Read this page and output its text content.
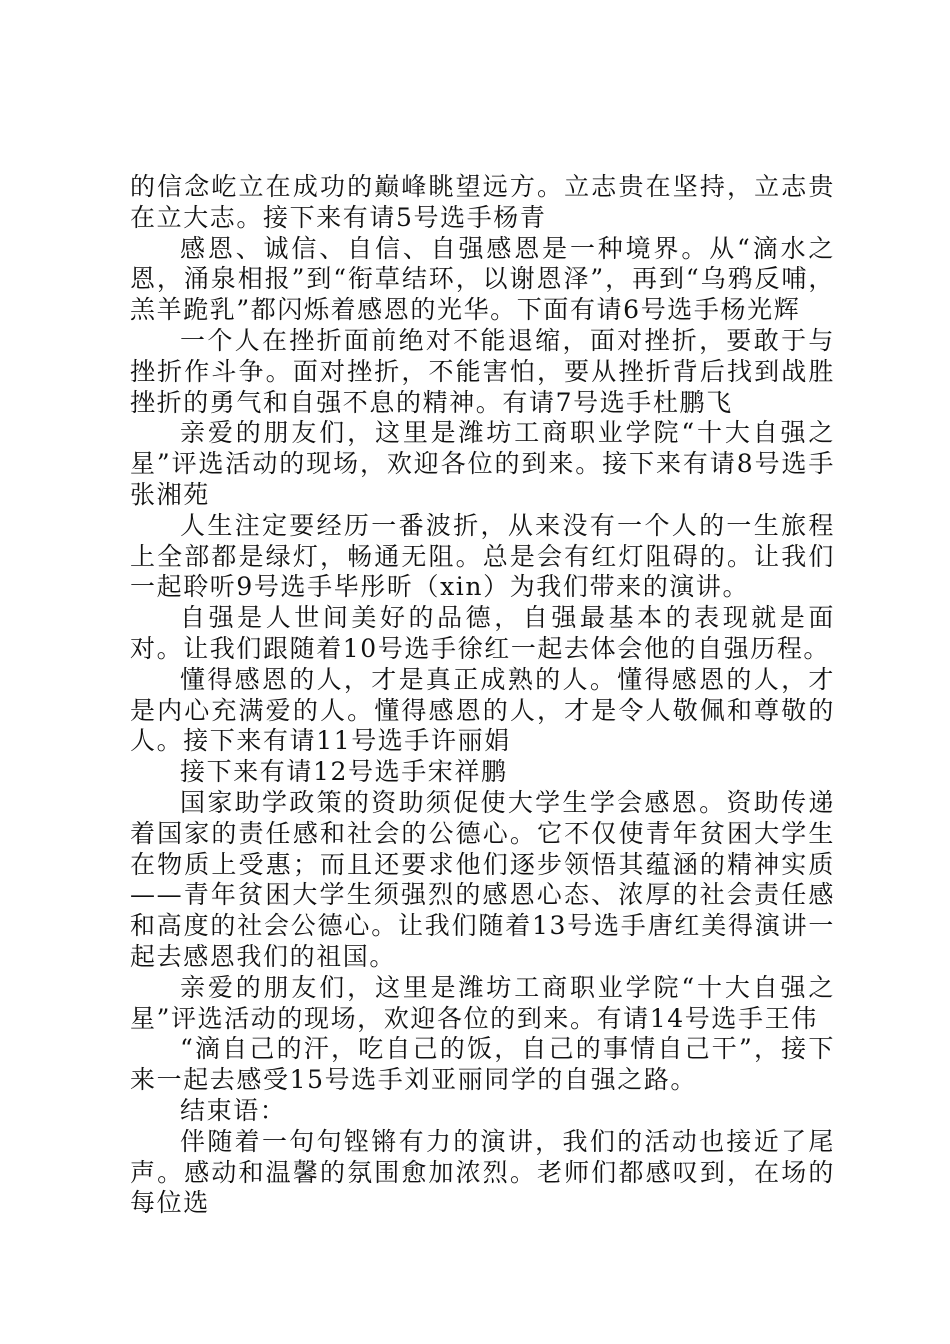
的信念屹立在成功的巅峰眺望远方。立志贵在坚持，立志贵在立大志。接下来有请5号选手杨青

感恩、诚信、自信、自强感恩是一种境界。从“滴水之恩，涌泉相报”到“衔草结环，以谢恩泽”，再到“乌鸦反哺，羔羊跪乳”都闪烁着感恩的光华。下面有请6号选手杨光辉

一个人在挫折面前绝对不能退缩，面对挫折，要敢于与挫折作斗争。面对挫折，不能害怕，要从挫折背后找到战胜挫折的勇气和自强不息的精神。有请7号选手杜鹏飞

亲爱的朋友们，这里是潍坊工商职业学院“十大自强之星”评选活动的现场，欢迎各位的到来。接下来有请8号选手张湘苑

人生注定要经历一番波折，从来没有一个人的一生旅程上全部都是绿灯，畅通无阻。总是会有红灯阻碍的。让我们一起聆听9号选手毕彤昕（xin）为我们带来的演讲。

自强是人世间美好的品德，自强最基本的表现就是面对。让我们跟随着10号选手徐红一起去体会他的自强历程。

懂得感恩的人，才是真正成熟的人。懂得感恩的人，才是内心充满爱的人。懂得感恩的人，才是令人敬佩和尊敬的人。接下来有请11号选手许丽娟

接下来有请12号选手宋祥鹏

国家助学政策的资助须促使大学生学会感恩。资助传递着国家的责任感和社会的公德心。它不仅使青年贫困大学生在物质上受惠；而且还要求他们逐步领悟其蕴涵的精神实质——青年贫困大学生须强烈的感恩心态、浓厚的社会责任感和高度的社会公德心。让我们随着13号选手唐红美得演讲一起去感恩我们的祖国。

亲爱的朋友们，这里是潍坊工商职业学院“十大自强之星”评选活动的现场，欢迎各位的到来。有请14号选手王伟

“滴自己的汗，吃自己的饭，自己的事情自己干”，接下来一起去感受15号选手刘亚丽同学的自强之路。

结束语：

伴随着一句句铿锵有力的演讲，我们的活动也接近了尾声。感动和温馨的氛围愈加浓烈。老师们都感叹到，在场的每位选
